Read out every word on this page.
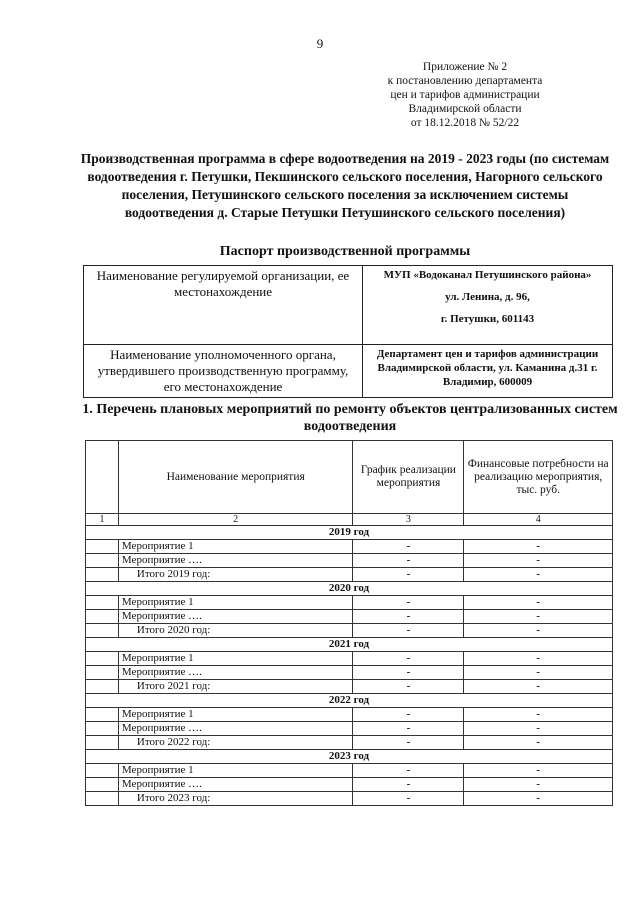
9
Приложение № 2
к постановлению департамента
цен и тарифов администрации
Владимирской области
от 18.12.2018 № 52/22
Производственная программа в сфере водоотведения на 2019 - 2023 годы (по системам водоотведения г. Петушки, Пекшинского сельского поселения, Нагорного сельского поселения, Петушинского сельского поселения за исключением системы водоотведения д. Старые Петушки Петушинского сельского поселения)
Паспорт производственной программы
Наименование регулируемой организации, ее местонахождение	МУП «Водоканал Петушинского района»
ул. Ленина, д. 96,
г. Петушки, 601143

Наименование уполномоченного органа, утвердившего производственную программу, его местонахождение	Департамент цен и тарифов администрации Владимирской области, ул. Каманина д.31 г. Владимир, 600009
1. Перечень плановых мероприятий по ремонту объектов централизованных систем водоотведения
	Наименование мероприятия	График реализации мероприятия	Финансовые потребности на реализацию мероприятия, тыс. руб.
1	2	3	4
2019 год			
	Мероприятие 1	-	-
	Мероприятие ….	-	-
	Итого 2019 год:	-	-
2020 год			
	Мероприятие 1	-	-
	Мероприятие ….	-	-
	Итого 2020 год:	-	-
2021 год			
	Мероприятие 1	-	-
	Мероприятие ….	-	-
	Итого 2021 год:	-	-
2022 год			
	Мероприятие 1	-	-
	Мероприятие ….	-	-
	Итого 2022 год:	-	-
2023 год			
	Мероприятие 1	-	-
	Мероприятие ….	-	-
	Итого 2023 год:	-	-
